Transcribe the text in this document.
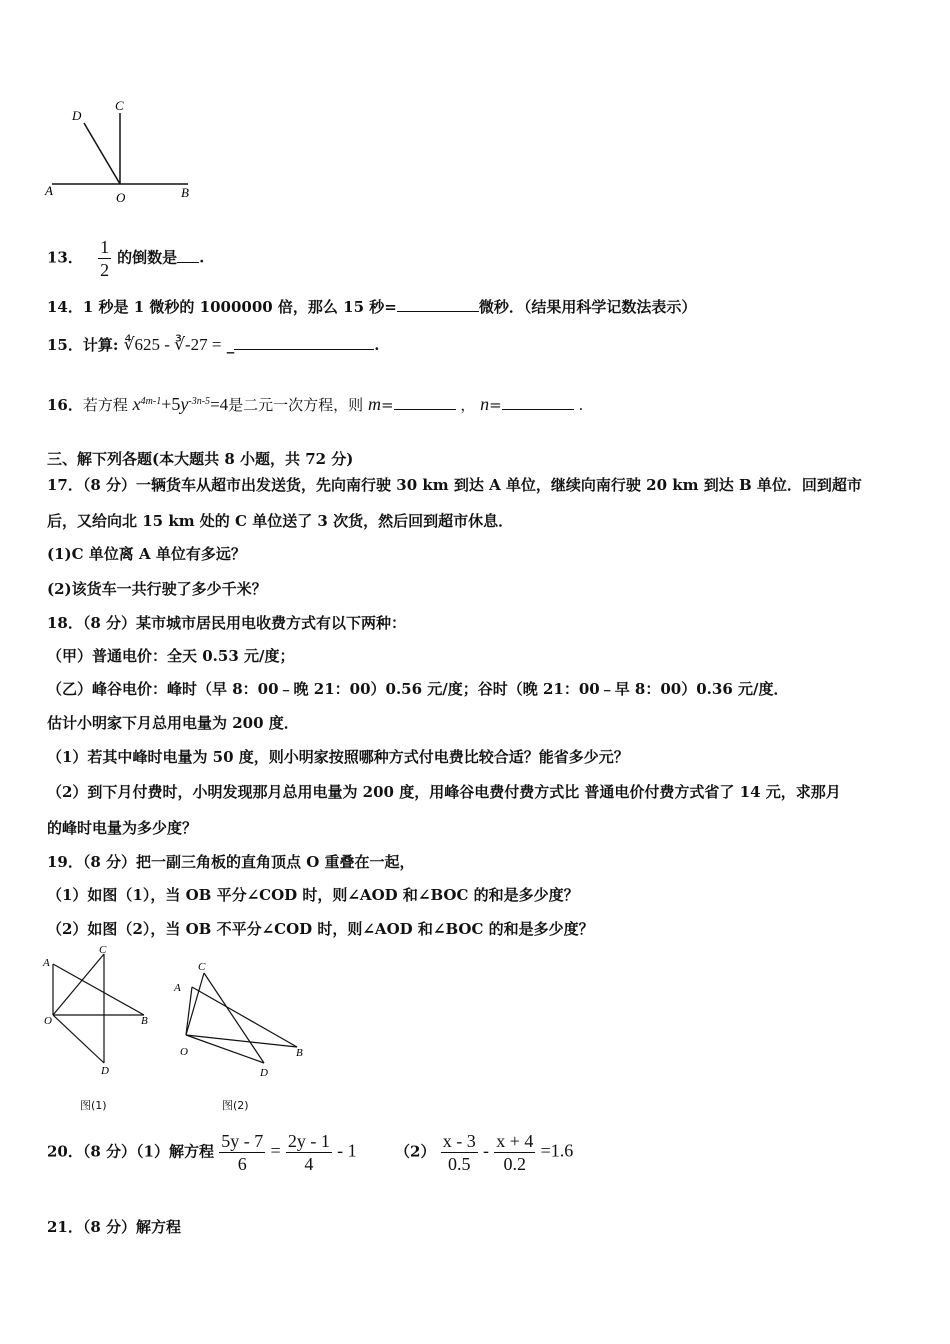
A	B
C
D
O
13． $\frac{1}{2}$ 的倒数是 .
14．1 秒是 1 微秒的 1000000 倍，那么 15 秒=	微秒．（结果用科学记数法表示）
15．计算: ∜625 - ∛-27 = _	.
16．若方程 $x^{4m-1}+5y^{-3n-5}=4$是二元一次方程，则 m=	， n=	.
三、解下列各题(本大题共 8 小题，共 72 分)
17．（8 分）一辆货车从超市出发送货，先向南行驶 30 km 到达 A 单位，继续向南行驶 20 km 到达 B 单位．回到超市
后，又给向北 15 km 处的 C 单位送了 3 次货，然后回到超市休息．
(1)C 单位离 A 单位有多远？
(2)该货车一共行驶了多少千米？
18．（8 分）某市城市居民用电收费方式有以下两种：
（甲）普通电价：全天 0.53 元/度；
（乙）峰谷电价：峰时（早 8：00﹣晚 21：00）0.56 元/度；谷时（晚 21：00﹣早 8：00）0.36 元/度．
估计小明家下月总用电量为 200 度．
（1）若其中峰时电量为 50 度，则小明家按照哪种方式付电费比较合适？能省多少元？
（2）到下月付费时，小明发现那月总用电量为 200 度，用峰谷电费付费方式比 普通电价付费方式省了 14 元，求那月
的峰时电量为多少度？
19．（8 分）把一副三角板的直角顶点 O 重叠在一起，
（1）如图（1），当 OB 平分∠COD 时，则∠AOD 和∠BOC 的和是多少度？
（2）如图（2），当 OB 不平分∠COD 时，则∠AOD 和∠BOC 的和是多少度？
A
B
C
D
O
图(1)
A
B
C
D
O
图(2)
20．（8 分）（1）解方程 $\frac{5y - 7}{6} = \frac{2y - 1}{4} - 1$	$(2) \frac{x - 3}{0.5} - \frac{x + 4}{0.2} =1.6$
21．（8 分）解方程
